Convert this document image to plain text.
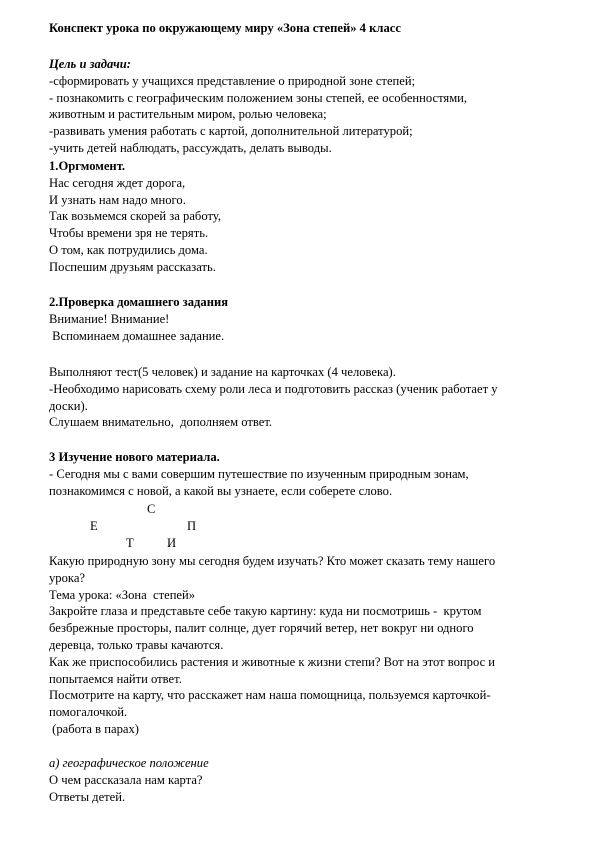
Конспект урока по окружающему миру «Зона степей» 4 класс
Цель и задачи:
-сформировать у учащихся представление о природной зоне степей;
- познакомить с географическим положением зоны степей, ее особенностями,
животным и растительным миром, ролью человека;
-развивать умения работать с картой, дополнительной литературой;
-учить детей наблюдать, рассуждать, делать выводы.
1.Оргмомент.
Нас сегодня ждет дорога,
И узнать нам надо много.
Так возьмемся скорей за работу,
Чтобы времени зря не терять.
О том, как потрудились дома.
Поспешим друзьям рассказать.
2.Проверка домашнего задания
Внимание! Внимание!
Вспоминаем домашнее задание.
Выполняют тест(5 человек) и задание на карточках (4 человека).
-Необходимо нарисовать схему роли леса и подготовить рассказ (ученик работает у
доски).
Слушаем внимательно,  дополняем ответ.
3 Изучение нового материала.
- Сегодня мы с вами совершим путешествие по изученным природным зонам,
познакомимся с новой, а какой вы узнаете, если соберете слово.
С
Е	П
Т	И
Какую природную зону мы сегодня будем изучать? Кто может сказать тему нашего
урока?
Тема урока: «Зона  степей»
Закройте глаза и представьте себе такую картину: куда ни посмотришь -  крутом
безбрежные просторы, палит солнце, дует горячий ветер, нет вокруг ни одного
деревца, только травы качаются.
Как же приспособились растения и животные к жизни степи? Вот на этот вопрос и
попытаемся найти ответ.
Посмотрите на карту, что расскажет нам наша помощница, пользуемся карточкой-
помогалочкой.
(работа в парах)
а) географическое положение
О чем рассказала нам карта?
Ответы детей.
